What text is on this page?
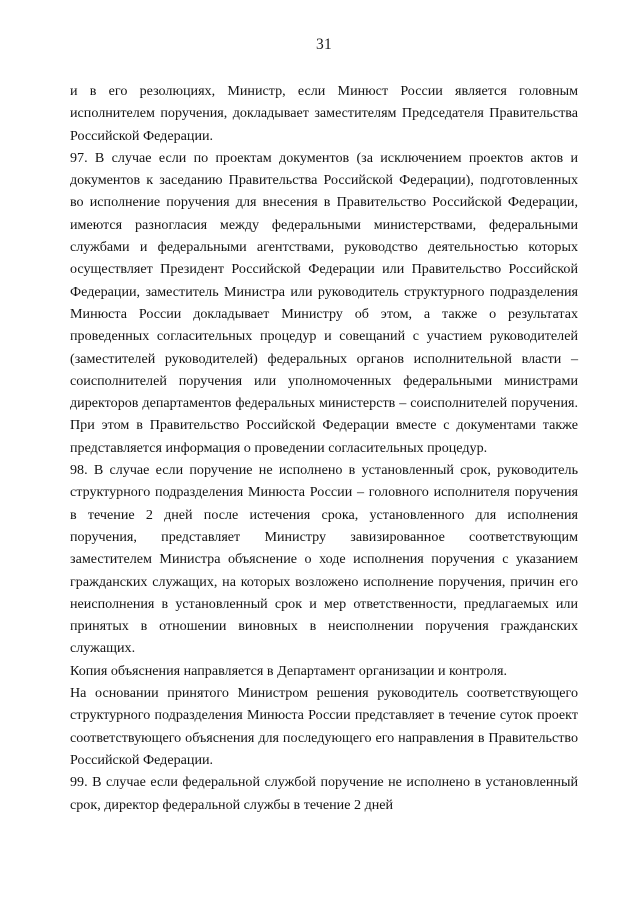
31

и в его резолюциях, Министр, если Минюст России является головным исполнителем поручения, докладывает заместителям Председателя Правительства Российской Федерации.

97. В случае если по проектам документов (за исключением проектов актов и документов к заседанию Правительства Российской Федерации), подготовленных во исполнение поручения для внесения в Правительство Российской Федерации, имеются разногласия между федеральными министерствами, федеральными службами и федеральными агентствами, руководство деятельностью которых осуществляет Президент Российской Федерации или Правительство Российской Федерации, заместитель Министра или руководитель структурного подразделения Минюста России докладывает Министру об этом, а также о результатах проведенных согласительных процедур и совещаний с участием руководителей (заместителей руководителей) федеральных органов исполнительной власти – соисполнителей поручения или уполномоченных федеральными министрами директоров департаментов федеральных министерств – соисполнителей поручения. При этом в Правительство Российской Федерации вместе с документами также представляется информация о проведении согласительных процедур.

98. В случае если поручение не исполнено в установленный срок, руководитель структурного подразделения Минюста России – головного исполнителя поручения в течение 2 дней после истечения срока, установленного для исполнения поручения, представляет Министру завизированное соответствующим заместителем Министра объяснение о ходе исполнения поручения с указанием гражданских служащих, на которых возложено исполнение поручения, причин его неисполнения в установленный срок и мер ответственности, предлагаемых или принятых в отношении виновных в неисполнении поручения гражданских служащих.

Копия объяснения направляется в Департамент организации и контроля.

На основании принятого Министром решения руководитель соответствующего структурного подразделения Минюста России представляет в течение суток проект соответствующего объяснения для последующего его направления в Правительство Российской Федерации.

99. В случае если федеральной службой поручение не исполнено в установленный срок, директор федеральной службы в течение 2 дней
